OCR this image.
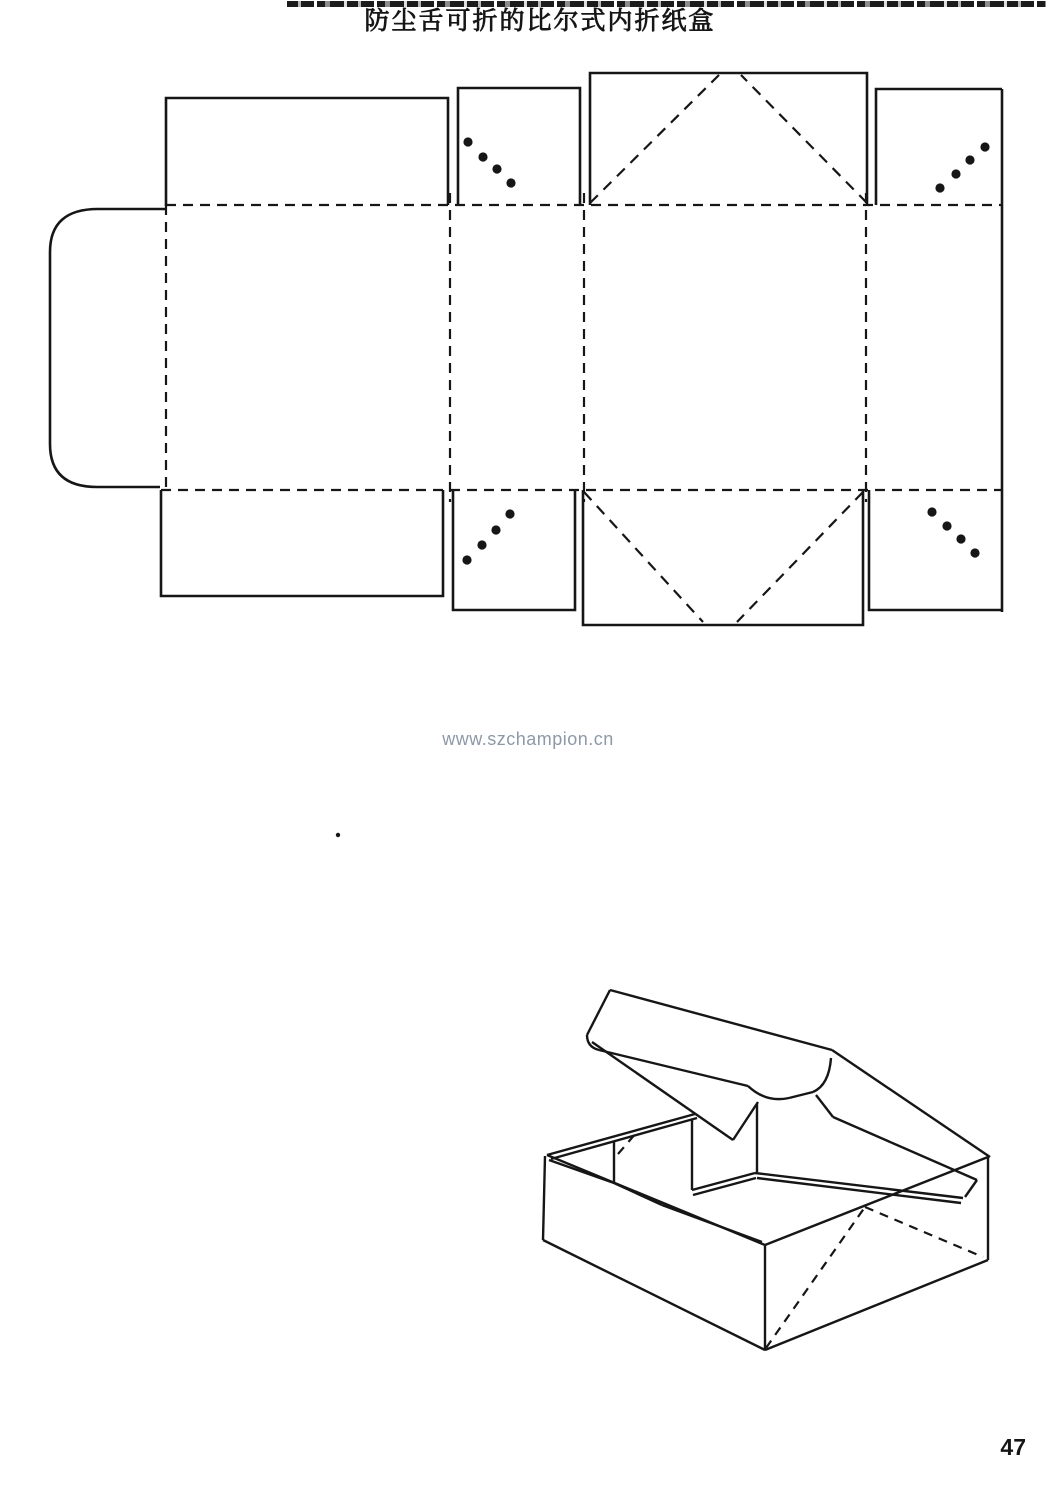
防尘舌可折的比尔式内折纸盒
www.szchampion.cn
47
